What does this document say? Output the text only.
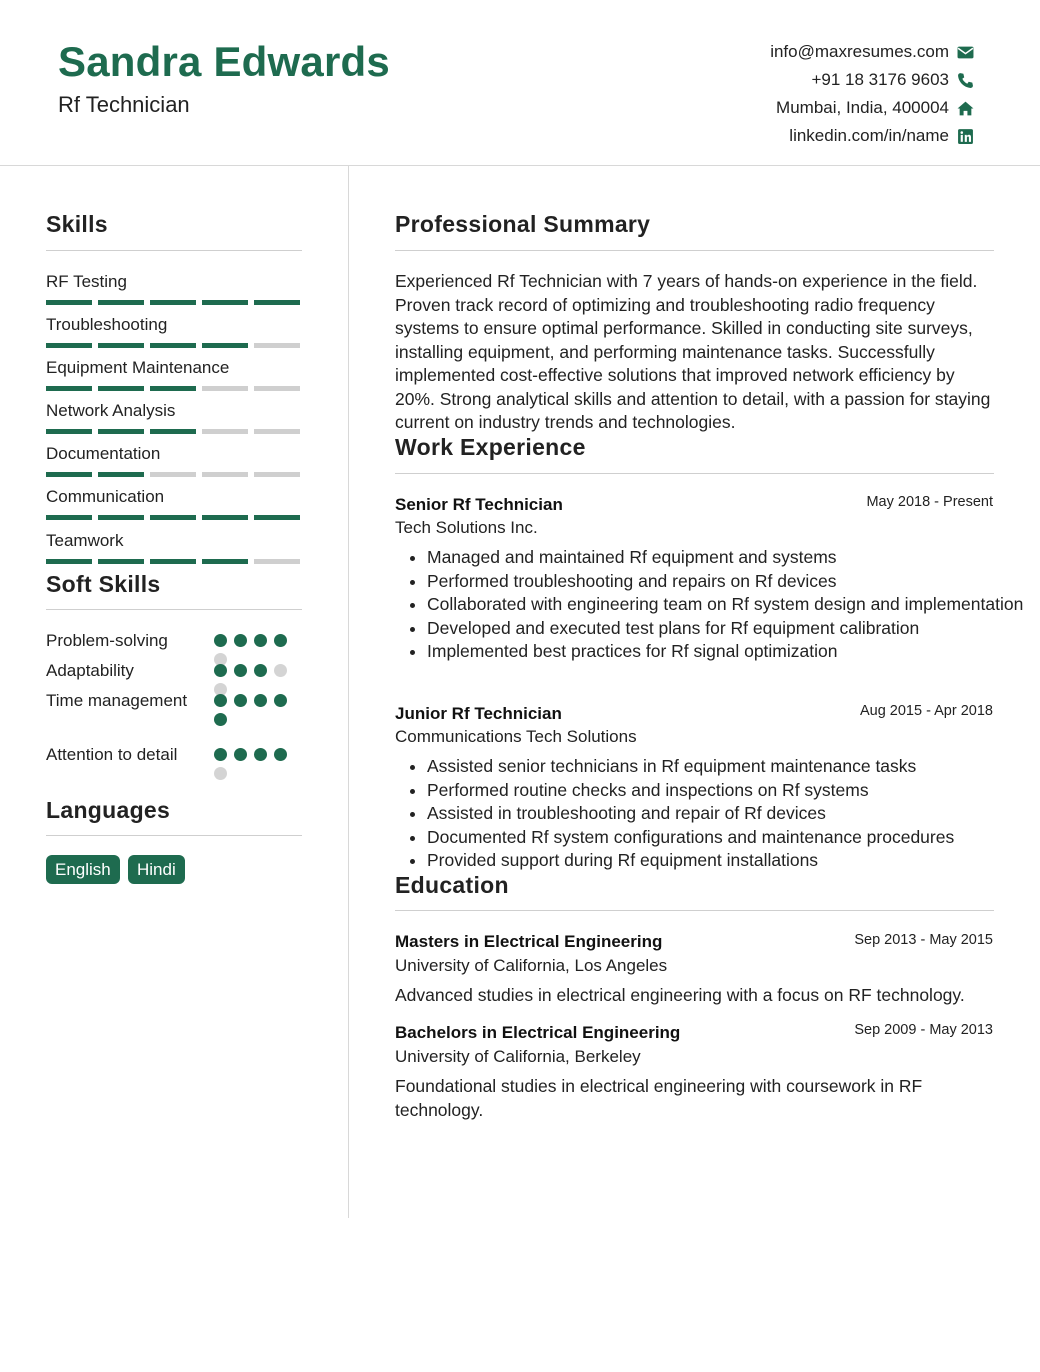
Sandra Edwards
Rf Technician
info@maxresumes.com
+91 18 3176 9603
Mumbai, India, 400004
linkedin.com/in/name
Skills
RF Testing
Troubleshooting
Equipment Maintenance
Network Analysis
Documentation
Communication
Teamwork
Soft Skills
Problem-solving
Adaptability
Time management
Attention to detail
Languages
English	Hindi
Professional Summary
Experienced Rf Technician with 7 years of hands-on experience in the field. Proven track record of optimizing and troubleshooting radio frequency systems to ensure optimal performance. Skilled in conducting site surveys, installing equipment, and performing maintenance tasks. Successfully implemented cost-effective solutions that improved network efficiency by 20%. Strong analytical skills and attention to detail, with a passion for staying current on industry trends and technologies.
Work Experience
Senior Rf Technician	May 2018 - Present
Tech Solutions Inc.
• Managed and maintained Rf equipment and systems
• Performed troubleshooting and repairs on Rf devices
• Collaborated with engineering team on Rf system design and implementation
• Developed and executed test plans for Rf equipment calibration
• Implemented best practices for Rf signal optimization
Junior Rf Technician	Aug 2015 - Apr 2018
Communications Tech Solutions
• Assisted senior technicians in Rf equipment maintenance tasks
• Performed routine checks and inspections on Rf systems
• Assisted in troubleshooting and repair of Rf devices
• Documented Rf system configurations and maintenance procedures
• Provided support during Rf equipment installations
Education
Masters in Electrical Engineering	Sep 2013 - May 2015
University of California, Los Angeles
Advanced studies in electrical engineering with a focus on RF technology.
Bachelors in Electrical Engineering	Sep 2009 - May 2013
University of California, Berkeley
Foundational studies in electrical engineering with coursework in RF technology.
